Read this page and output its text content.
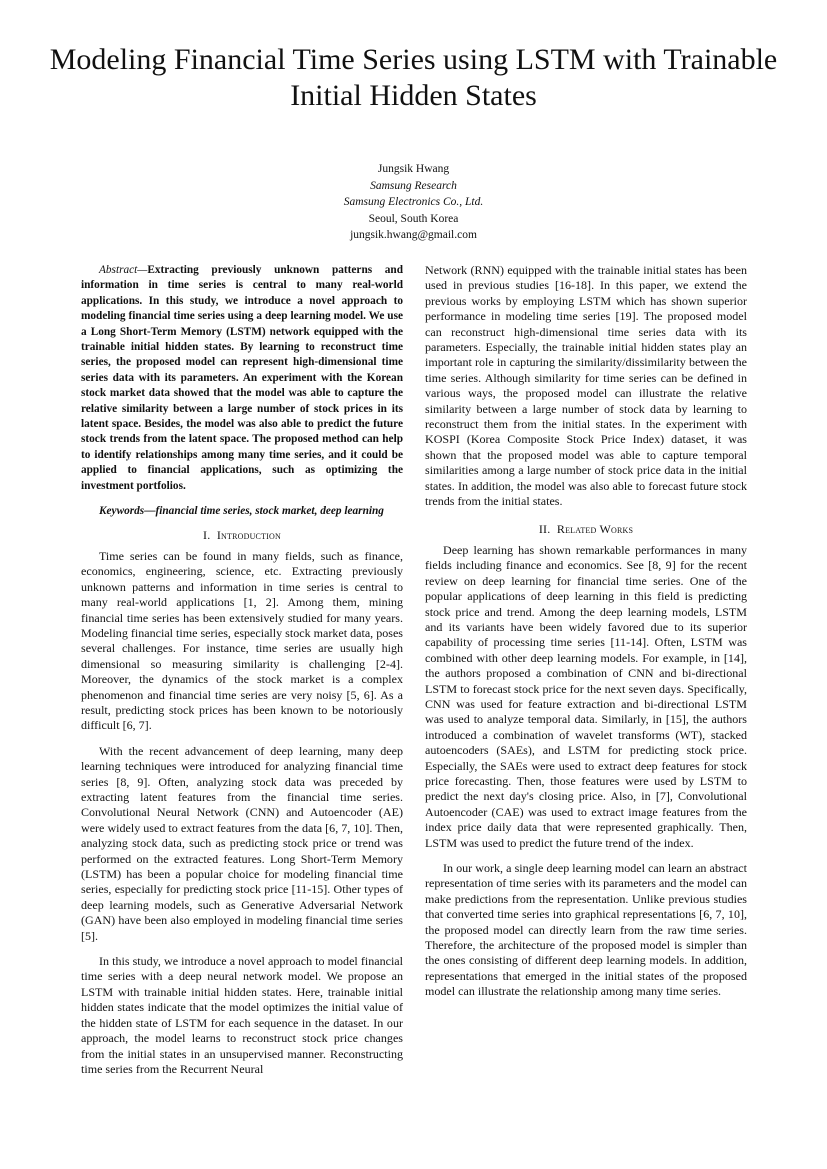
Modeling Financial Time Series using LSTM with Trainable Initial Hidden States
Jungsik Hwang
Samsung Research
Samsung Electronics Co., Ltd.
Seoul, South Korea
jungsik.hwang@gmail.com

Abstract—Extracting previously unknown patterns and information in time series is central to many real-world applications. In this study, we introduce a novel approach to modeling financial time series using a deep learning model. We use a Long Short-Term Memory (LSTM) network equipped with the trainable initial hidden states. By learning to reconstruct time series, the proposed model can represent high-dimensional time series data with its parameters. An experiment with the Korean stock market data showed that the model was able to capture the relative similarity between a large number of stock prices in its latent space. Besides, the model was also able to predict the future stock trends from the latent space. The proposed method can help to identify relationships among many time series, and it could be applied to financial applications, such as optimizing the investment portfolios.

Keywords—financial time series, stock market, deep learning

I. Introduction

Time series can be found in many fields, such as finance, economics, engineering, science, etc. Extracting previously unknown patterns and information in time series is central to many real-world applications [1, 2]. Among them, mining financial time series has been extensively studied for many years. Modeling financial time series, especially stock market data, poses several challenges. For instance, time series are usually high dimensional so measuring similarity is challenging [2-4]. Moreover, the dynamics of the stock market is a complex phenomenon and financial time series are very noisy [5, 6]. As a result, predicting stock prices has been known to be notoriously difficult [6, 7].

With the recent advancement of deep learning, many deep learning techniques were introduced for analyzing financial time series [8, 9]. Often, analyzing stock data was preceded by extracting latent features from the financial time series. Convolutional Neural Network (CNN) and Autoencoder (AE) were widely used to extract features from the data [6, 7, 10]. Then, analyzing stock data, such as predicting stock price or trend was performed on the extracted features. Long Short-Term Memory (LSTM) has been a popular choice for modeling financial time series, especially for predicting stock price [11-15]. Other types of deep learning models, such as Generative Adversarial Network (GAN) have been also employed in modeling financial time series [5].

In this study, we introduce a novel approach to model financial time series with a deep neural network model. We propose an LSTM with trainable initial hidden states. Here, trainable initial hidden states indicate that the model optimizes the initial value of the hidden state of LSTM for each sequence in the dataset. In our approach, the model learns to reconstruct stock price changes from the initial states in an unsupervised manner. Reconstructing time series from the Recurrent Neural

Network (RNN) equipped with the trainable initial states has been used in previous studies [16-18]. In this paper, we extend the previous works by employing LSTM which has shown superior performance in modeling time series [19]. The proposed model can reconstruct high-dimensional time series data with its parameters. Especially, the trainable initial hidden states play an important role in capturing the similarity/dissimilarity between the time series. Although similarity for time series can be defined in various ways, the proposed model can illustrate the relative similarity between a large number of stock data by learning to reconstruct them from the initial states. In the experiment with KOSPI (Korea Composite Stock Price Index) dataset, it was shown that the proposed model was able to capture temporal similarities among a large number of stock price data in the initial states. In addition, the model was also able to forecast future stock trends from the initial states.

II. Related Works

Deep learning has shown remarkable performances in many fields including finance and economics. See [8, 9] for the recent review on deep learning for financial time series. One of the popular applications of deep learning in this field is predicting stock price and trend. Among the deep learning models, LSTM and its variants have been widely favored due to its superior capability of processing time series [11-14]. Often, LSTM was combined with other deep learning models. For example, in [14], the authors proposed a combination of CNN and bi-directional LSTM to forecast stock price for the next seven days. Specifically, CNN was used for feature extraction and bi-directional LSTM was used to analyze temporal data. Similarly, in [15], the authors introduced a combination of wavelet transforms (WT), stacked autoencoders (SAEs), and LSTM for predicting stock price. Especially, the SAEs were used to extract deep features for stock price forecasting. Then, those features were used by LSTM to predict the next day's closing price. Also, in [7], Convolutional Autoencoder (CAE) was used to extract image features from the index price daily data that were represented graphically. Then, LSTM was used to predict the future trend of the index.

In our work, a single deep learning model can learn an abstract representation of time series with its parameters and the model can make predictions from the representation. Unlike previous studies that converted time series into graphical representations [6, 7, 10], the proposed model can directly learn from the raw time series. Therefore, the architecture of the proposed model is simpler than the ones consisting of different deep learning models. In addition, representations that emerged in the initial states of the proposed model can illustrate the relationship among many time series.
